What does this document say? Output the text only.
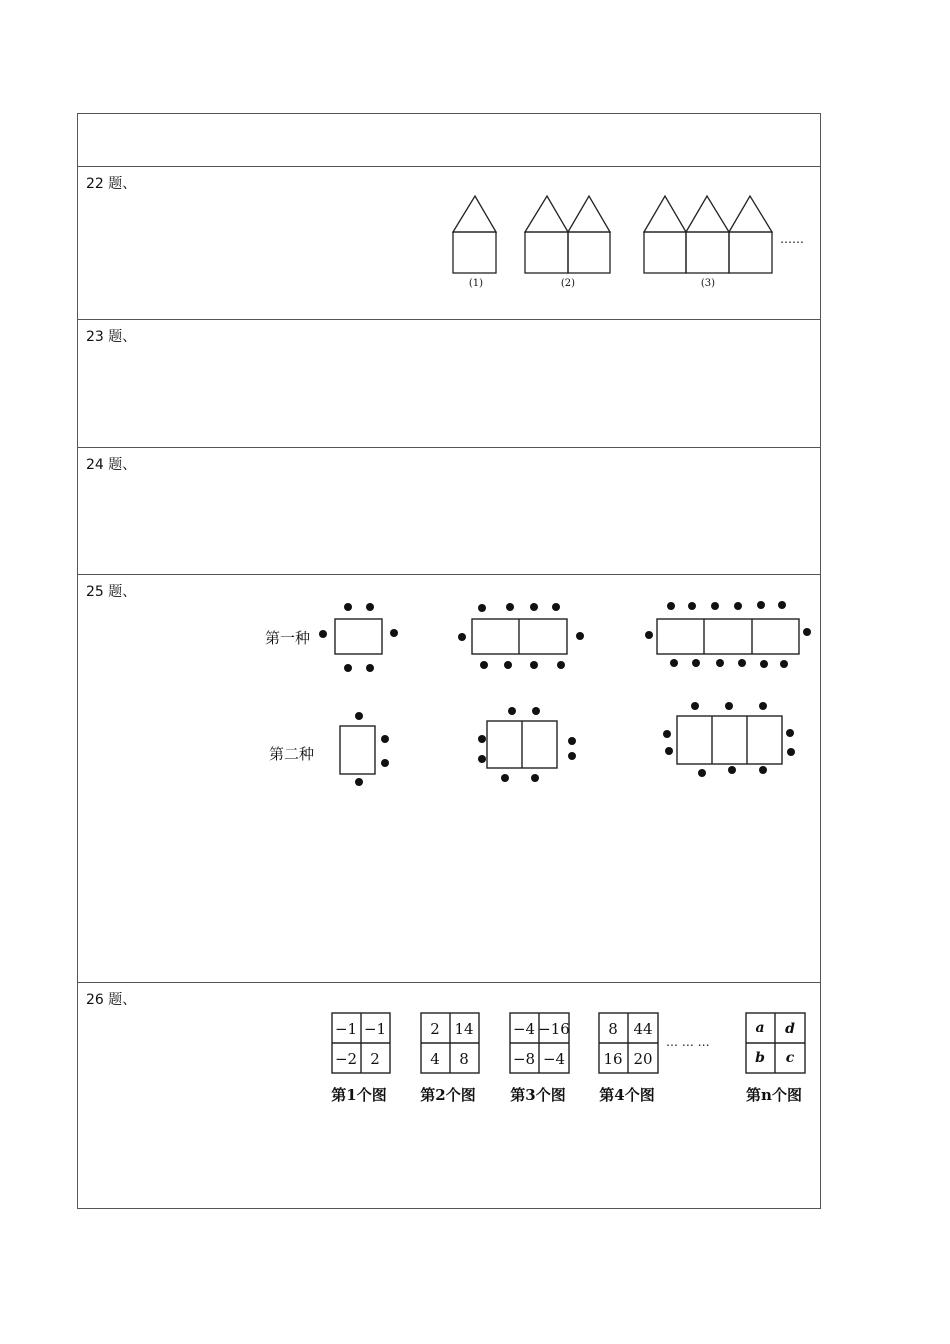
22 题、
(1)	(2)	(3)
……
23 题、
24 题、
25 题、
第一种
第二种
26 题、
−1 −1
−2 2
2 14
4 8
−4 −16
−8 −4
8 44
16 20
a d
b c
… … …
第1个图 第2个图 第3个图 第4个图	第n个图
